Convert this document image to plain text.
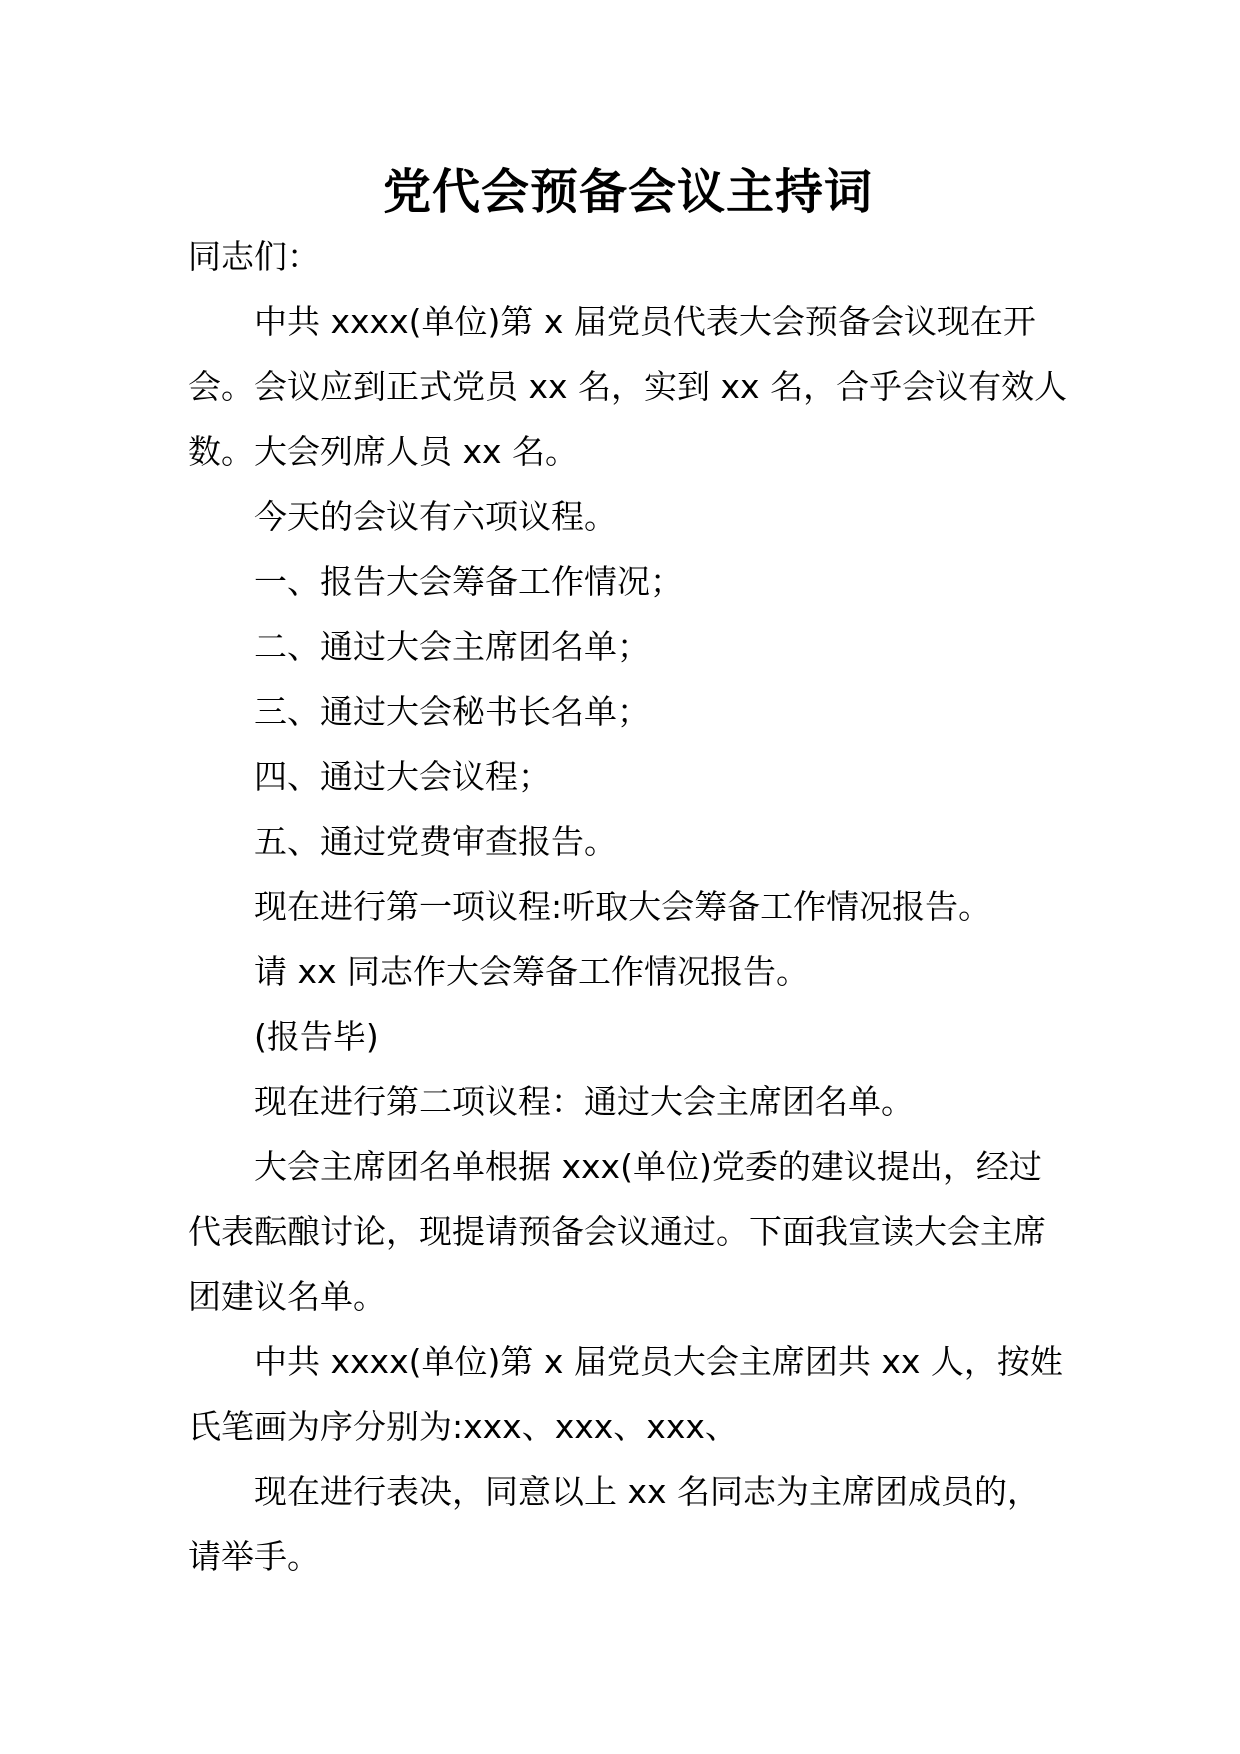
党代会预备会议主持词

同志们：

中共 xxxx(单位)第 x 届党员代表大会预备会议现在开会。会议应到正式党员 xx 名，实到 xx 名，合乎会议有效人数。大会列席人员 xx 名。

今天的会议有六项议程。

一、报告大会筹备工作情况；

二、通过大会主席团名单；

三、通过大会秘书长名单；

四、通过大会议程；

五、通过党费审查报告。

现在进行第一项议程:听取大会筹备工作情况报告。

请 xx 同志作大会筹备工作情况报告。

(报告毕)

现在进行第二项议程：通过大会主席团名单。

大会主席团名单根据 xxx(单位)党委的建议提出，经过代表酝酿讨论，现提请预备会议通过。下面我宣读大会主席团建议名单。

中共 xxxx(单位)第 x 届党员大会主席团共 xx 人，按姓氏笔画为序分别为:xxx、xxx、xxx、

现在进行表决，同意以上 xx 名同志为主席团成员的，请举手。
